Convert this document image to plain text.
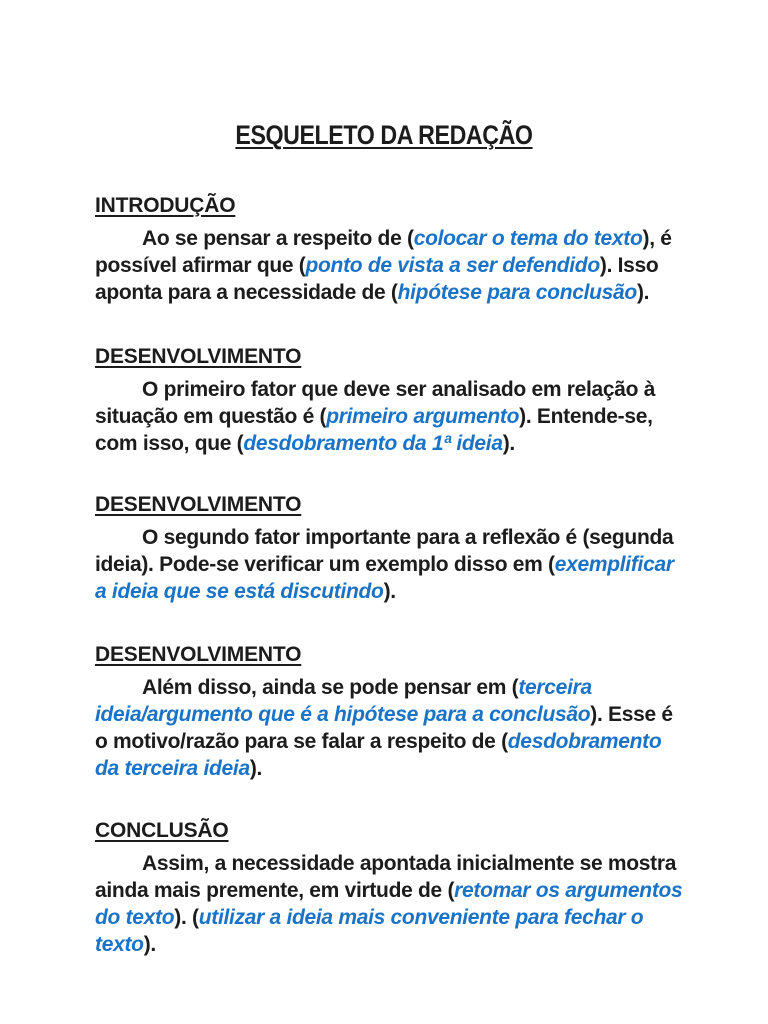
ESQUELETO DA REDAÇÃO
INTRODUÇÃO
Ao se pensar a respeito de (colocar o tema do texto), é
possível afirmar que (ponto de vista a ser defendido). Isso
aponta para a necessidade de (hipótese para conclusão).
DESENVOLVIMENTO
O primeiro fator que deve ser analisado em relação à
situação em questão é (primeiro argumento). Entende-se,
com isso, que (desdobramento da 1ª ideia).
DESENVOLVIMENTO
O segundo fator importante para a reflexão é (segunda
ideia). Pode-se verificar um exemplo disso em (exemplificar
a ideia que se está discutindo).
DESENVOLVIMENTO
Além disso, ainda se pode pensar em (terceira
ideia/argumento que é a hipótese para a conclusão). Esse é
o motivo/razão para se falar a respeito de (desdobramento
da terceira ideia).
CONCLUSÃO
Assim, a necessidade apontada inicialmente se mostra
ainda mais premente, em virtude de (retomar os argumentos
do texto). (utilizar a ideia mais conveniente para fechar o
texto).
